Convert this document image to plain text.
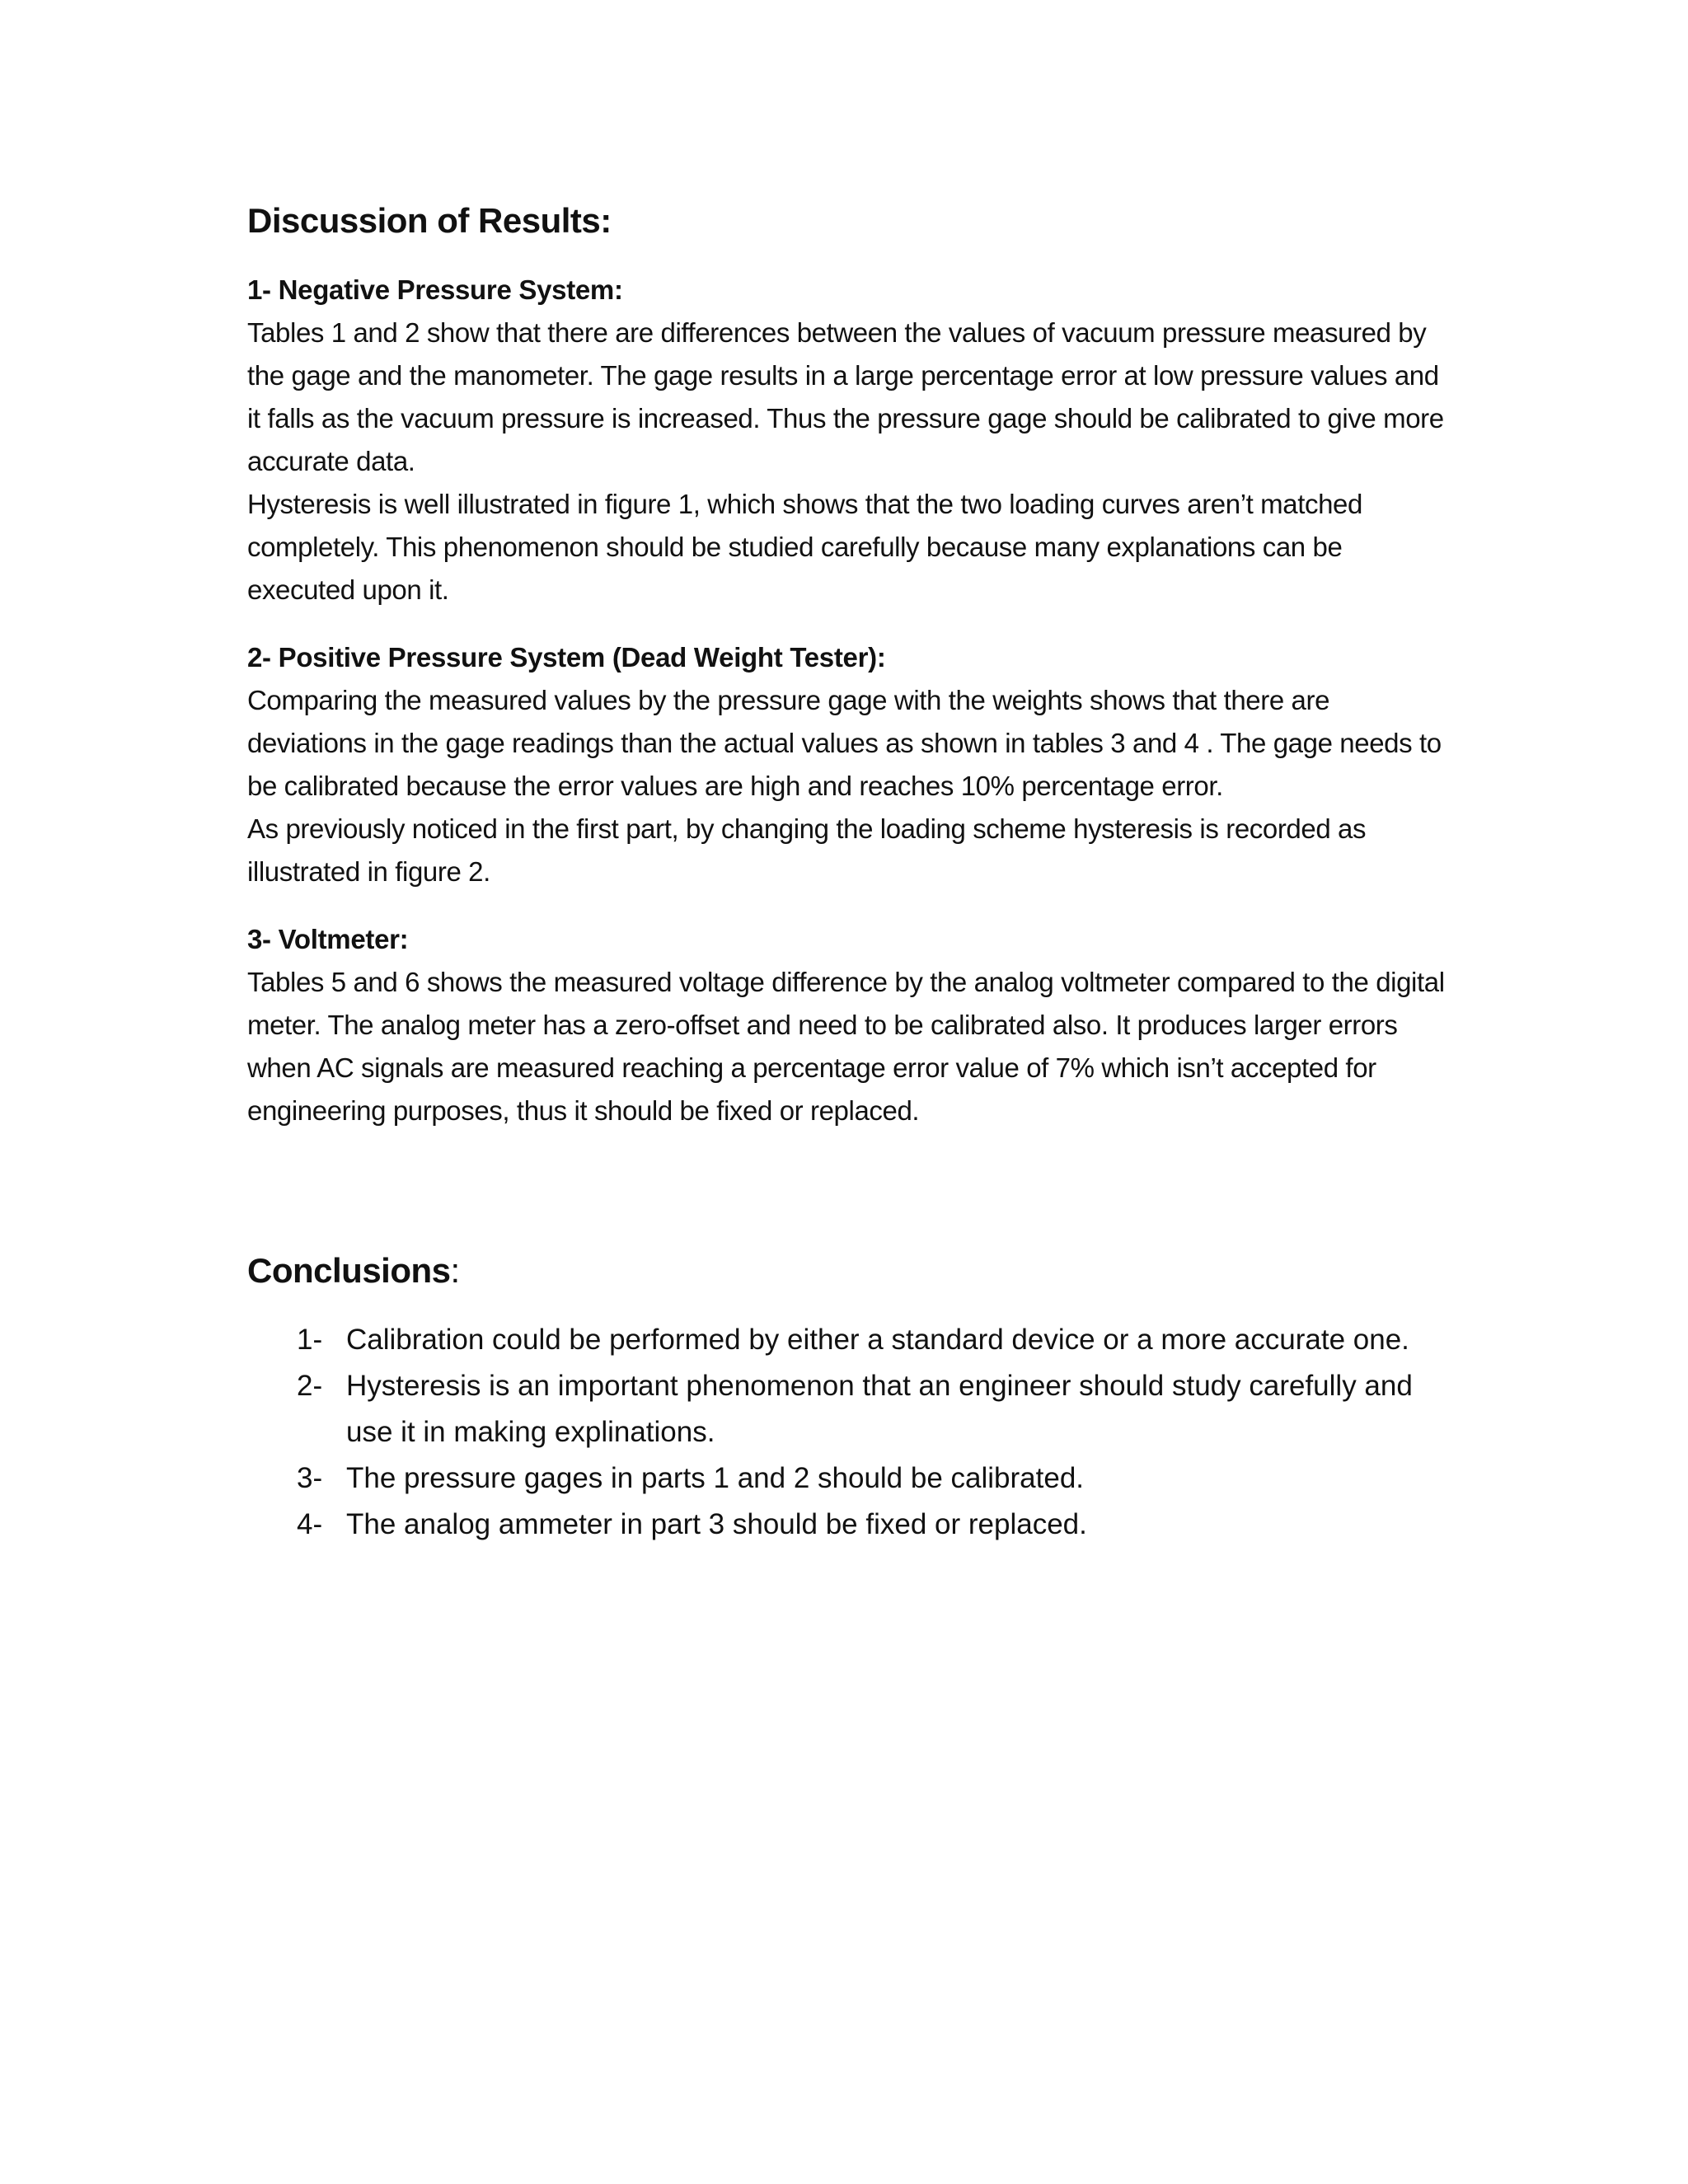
Discussion of Results:

1- Negative Pressure System:

Tables 1 and 2 show that there are differences between the values of vacuum pressure measured by the gage and the manometer. The gage results in a large percentage error at low pressure values and it falls as the vacuum pressure is increased. Thus the pressure gage should be calibrated to give more accurate data.

Hysteresis is well illustrated in figure 1, which shows that the two loading curves aren’t matched completely. This phenomenon should be studied carefully because many explanations can be executed upon it.

2- Positive Pressure System (Dead Weight Tester):

Comparing the measured values by the pressure gage with the weights shows that there are deviations in the gage readings than the actual values as shown in tables 3 and 4 . The gage needs to be calibrated because the error values are high and reaches 10% percentage error.

As previously noticed in the first part, by changing the loading scheme hysteresis is recorded as illustrated in figure 2.

3- Voltmeter:

Tables 5 and 6 shows the measured voltage difference by the analog voltmeter compared to the digital meter. The analog meter has a zero-offset and need to be calibrated also. It produces larger errors when AC signals are measured reaching a percentage error value of 7% which isn’t accepted for engineering purposes, thus it should be fixed or replaced.

Conclusions:
1- Calibration could be performed by either a standard device or a more accurate one.
2- Hysteresis is an important phenomenon that an engineer should study carefully and use it in making explinations.
3- The pressure gages in parts 1 and 2 should be calibrated.
4- The analog ammeter in part 3 should be fixed or replaced.
